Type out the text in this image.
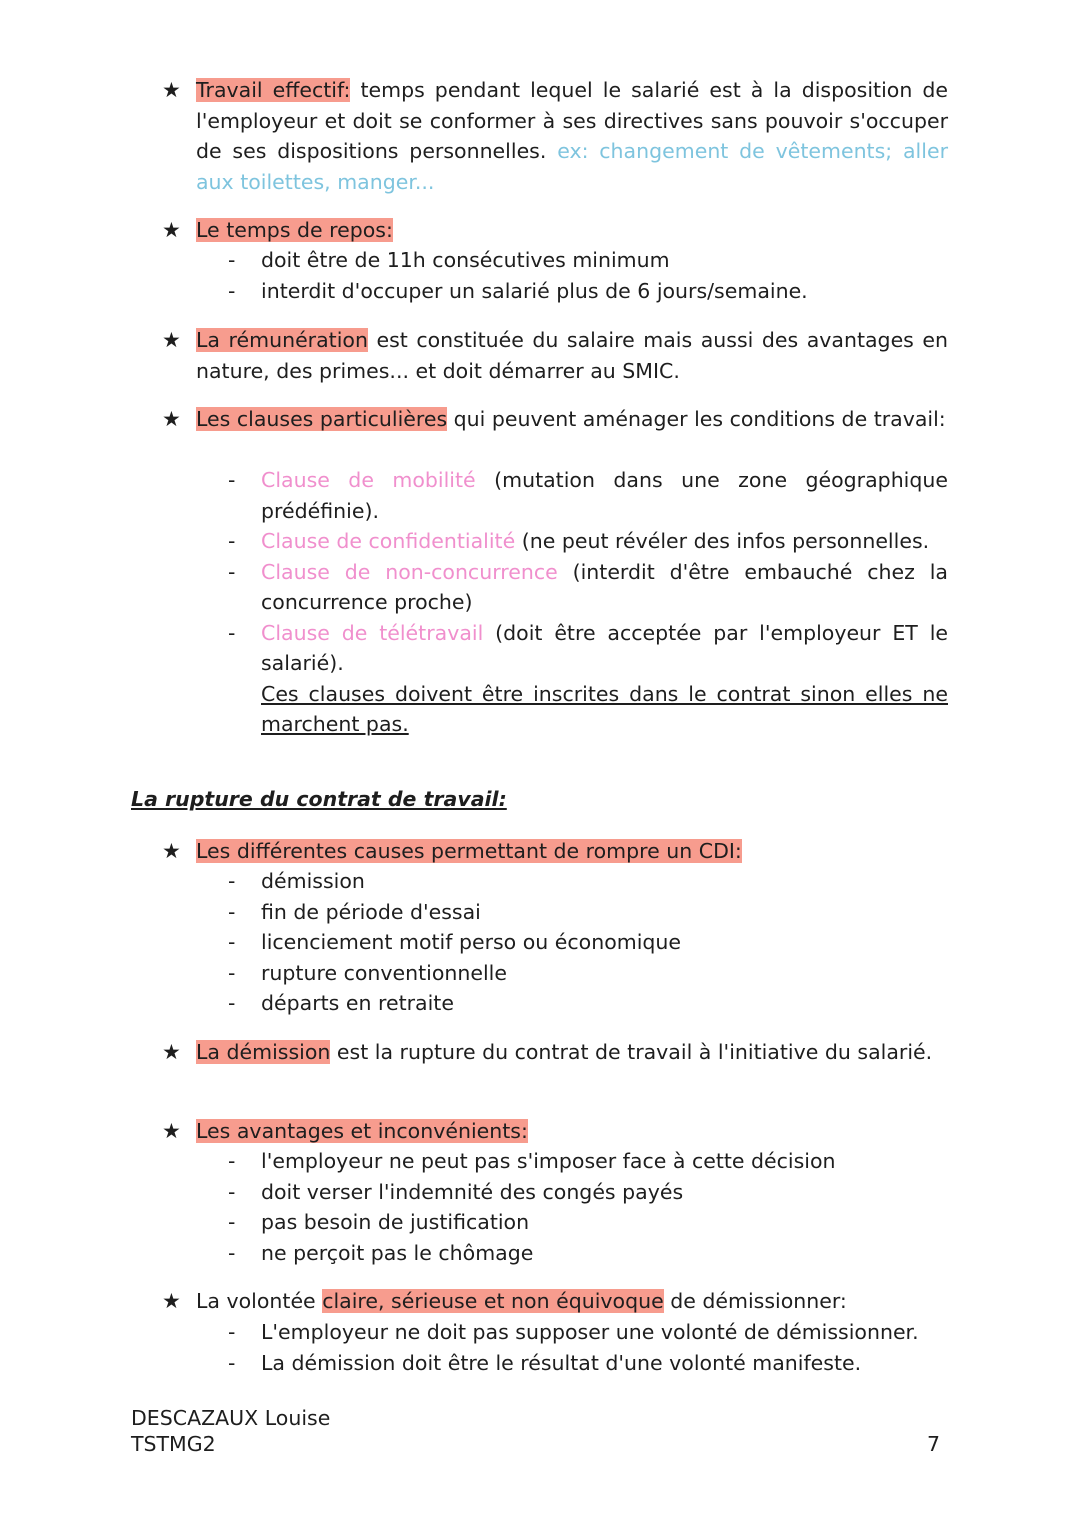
★ Travail effectif: temps pendant lequel le salarié est à la disposition de l'employeur et doit se conformer à ses directives sans pouvoir s'occuper de ses dispositions personnelles. ex: changement de vêtements; aller aux toilettes, manger...
★ Le temps de repos:
- doit être de 11h consécutives minimum
- interdit d'occuper un salarié plus de 6 jours/semaine.
★ La rémunération est constituée du salaire mais aussi des avantages en nature, des primes... et doit démarrer au SMIC.
★ Les clauses particulières qui peuvent aménager les conditions de travail:
- Clause de mobilité (mutation dans une zone géographique prédéfinie).
- Clause de confidentialité (ne peut révéler des infos personnelles.
- Clause de non-concurrence (interdit d'être embauché chez la concurrence proche)
- Clause de télétravail (doit être acceptée par l'employeur ET le salarié).
Ces clauses doivent être inscrites dans le contrat sinon elles ne marchent pas.
La rupture du contrat de travail:
★ Les différentes causes permettant de rompre un CDI:
- démission
- fin de période d'essai
- licenciement motif perso ou économique
- rupture conventionnelle
- départs en retraite
★ La démission est la rupture du contrat de travail à l'initiative du salarié.
★ Les avantages et inconvénients:
- l'employeur ne peut pas s'imposer face à cette décision
- doit verser l'indemnité des congés payés
- pas besoin de justification
- ne perçoit pas le chômage
★ La volontée claire, sérieuse et non équivoque de démissionner:
- L'employeur ne doit pas supposer une volonté de démissionner.
- La démission doit être le résultat d'une volonté manifeste.
DESCAZAUX Louise
TSTMG2	7
